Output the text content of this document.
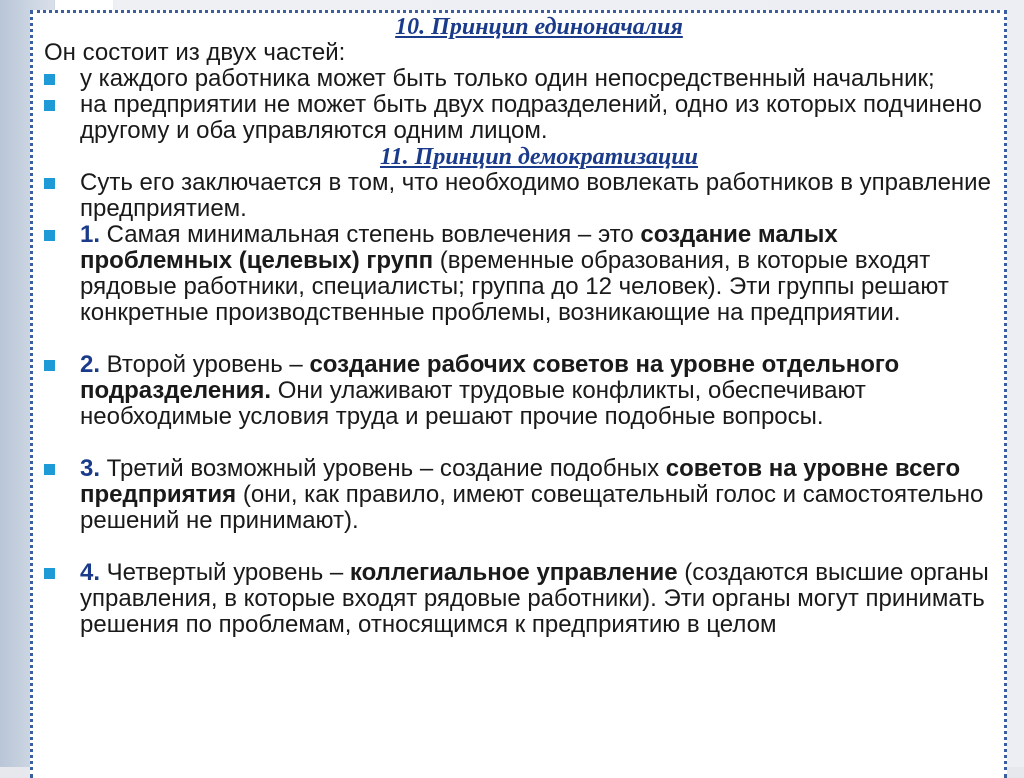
10. Принцип единоначалия
Он состоит из двух частей:
у каждого работника может быть только один непосредственный начальник;
на предприятии не может быть двух подразделений, одно из которых подчинено другому и оба управляются одним лицом.
11. Принцип демократизации
Суть его заключается в том, что необходимо вовлекать работников в управление предприятием.
1. Самая минимальная степень вовлечения – это создание малых проблемных (целевых) групп (временные образования, в которые входят рядовые работники, специалисты; группа до 12 человек). Эти группы решают конкретные производственные проблемы, возникающие на предприятии.
2. Второй уровень – создание рабочих советов на уровне отдельного подразделения. Они улаживают трудовые конфликты, обеспечивают необходимые условия труда и решают прочие подобные вопросы.
3. Третий возможный уровень – создание подобных советов на уровне всего предприятия (они, как правило, имеют совещательный голос и самостоятельно решений не принимают).
4. Четвертый уровень – коллегиальное управление (создаются высшие органы управления, в которые входят рядовые работники). Эти органы могут принимать решения по проблемам, относящимся к предприятию в целом
